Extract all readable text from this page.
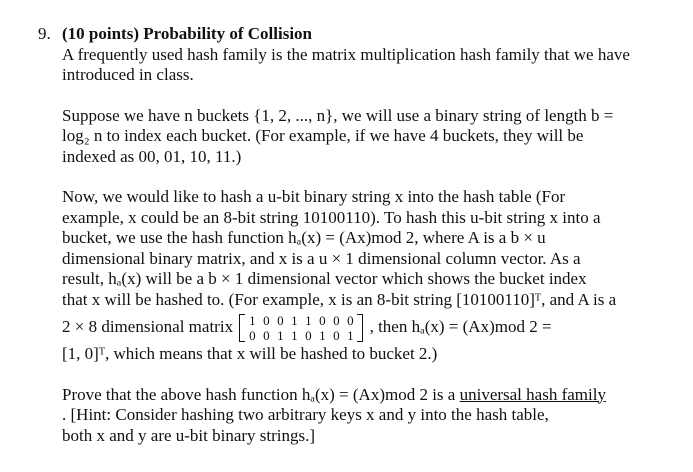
9. (10 points) Probability of Collision

A frequently used hash family is the matrix multiplication hash family that we have introduced in class.

Suppose we have n buckets {1, 2, ..., n}, we will use a binary string of length b =
log₂ n to index each bucket. (For example, if we have 4 buckets, they will be
indexed as 00, 01, 10, 11.)
Now, we would like to hash a u-bit binary string x into the hash table (For
example, x could be an 8-bit string 10100110). To hash this u-bit string x into a
bucket, we use the hash function hₐ(x) = (Ax)mod 2, where A is a b × u
dimensional binary matrix, and x is a u × 1 dimensional column vector. As a
result, hₐ(x) will be a b × 1 dimensional vector which shows the bucket index
that x will be hashed to. (For example, x is an 8-bit string [10100110]ᵀ, and A is a
2 × 8 dimensional matrix 1 0 0 1 1 0 0 0
0 0 1 1 0 1 0 1 , then hₐ(x) = (Ax)mod 2 =
[1, 0]ᵀ, which means that x will be hashed to bucket 2.)
Prove that the above hash function hₐ(x) = (Ax)mod 2 is a universal hash family
. [Hint: Consider hashing two arbitrary keys x and y into the hash table,
both x and y are u-bit binary strings.]
